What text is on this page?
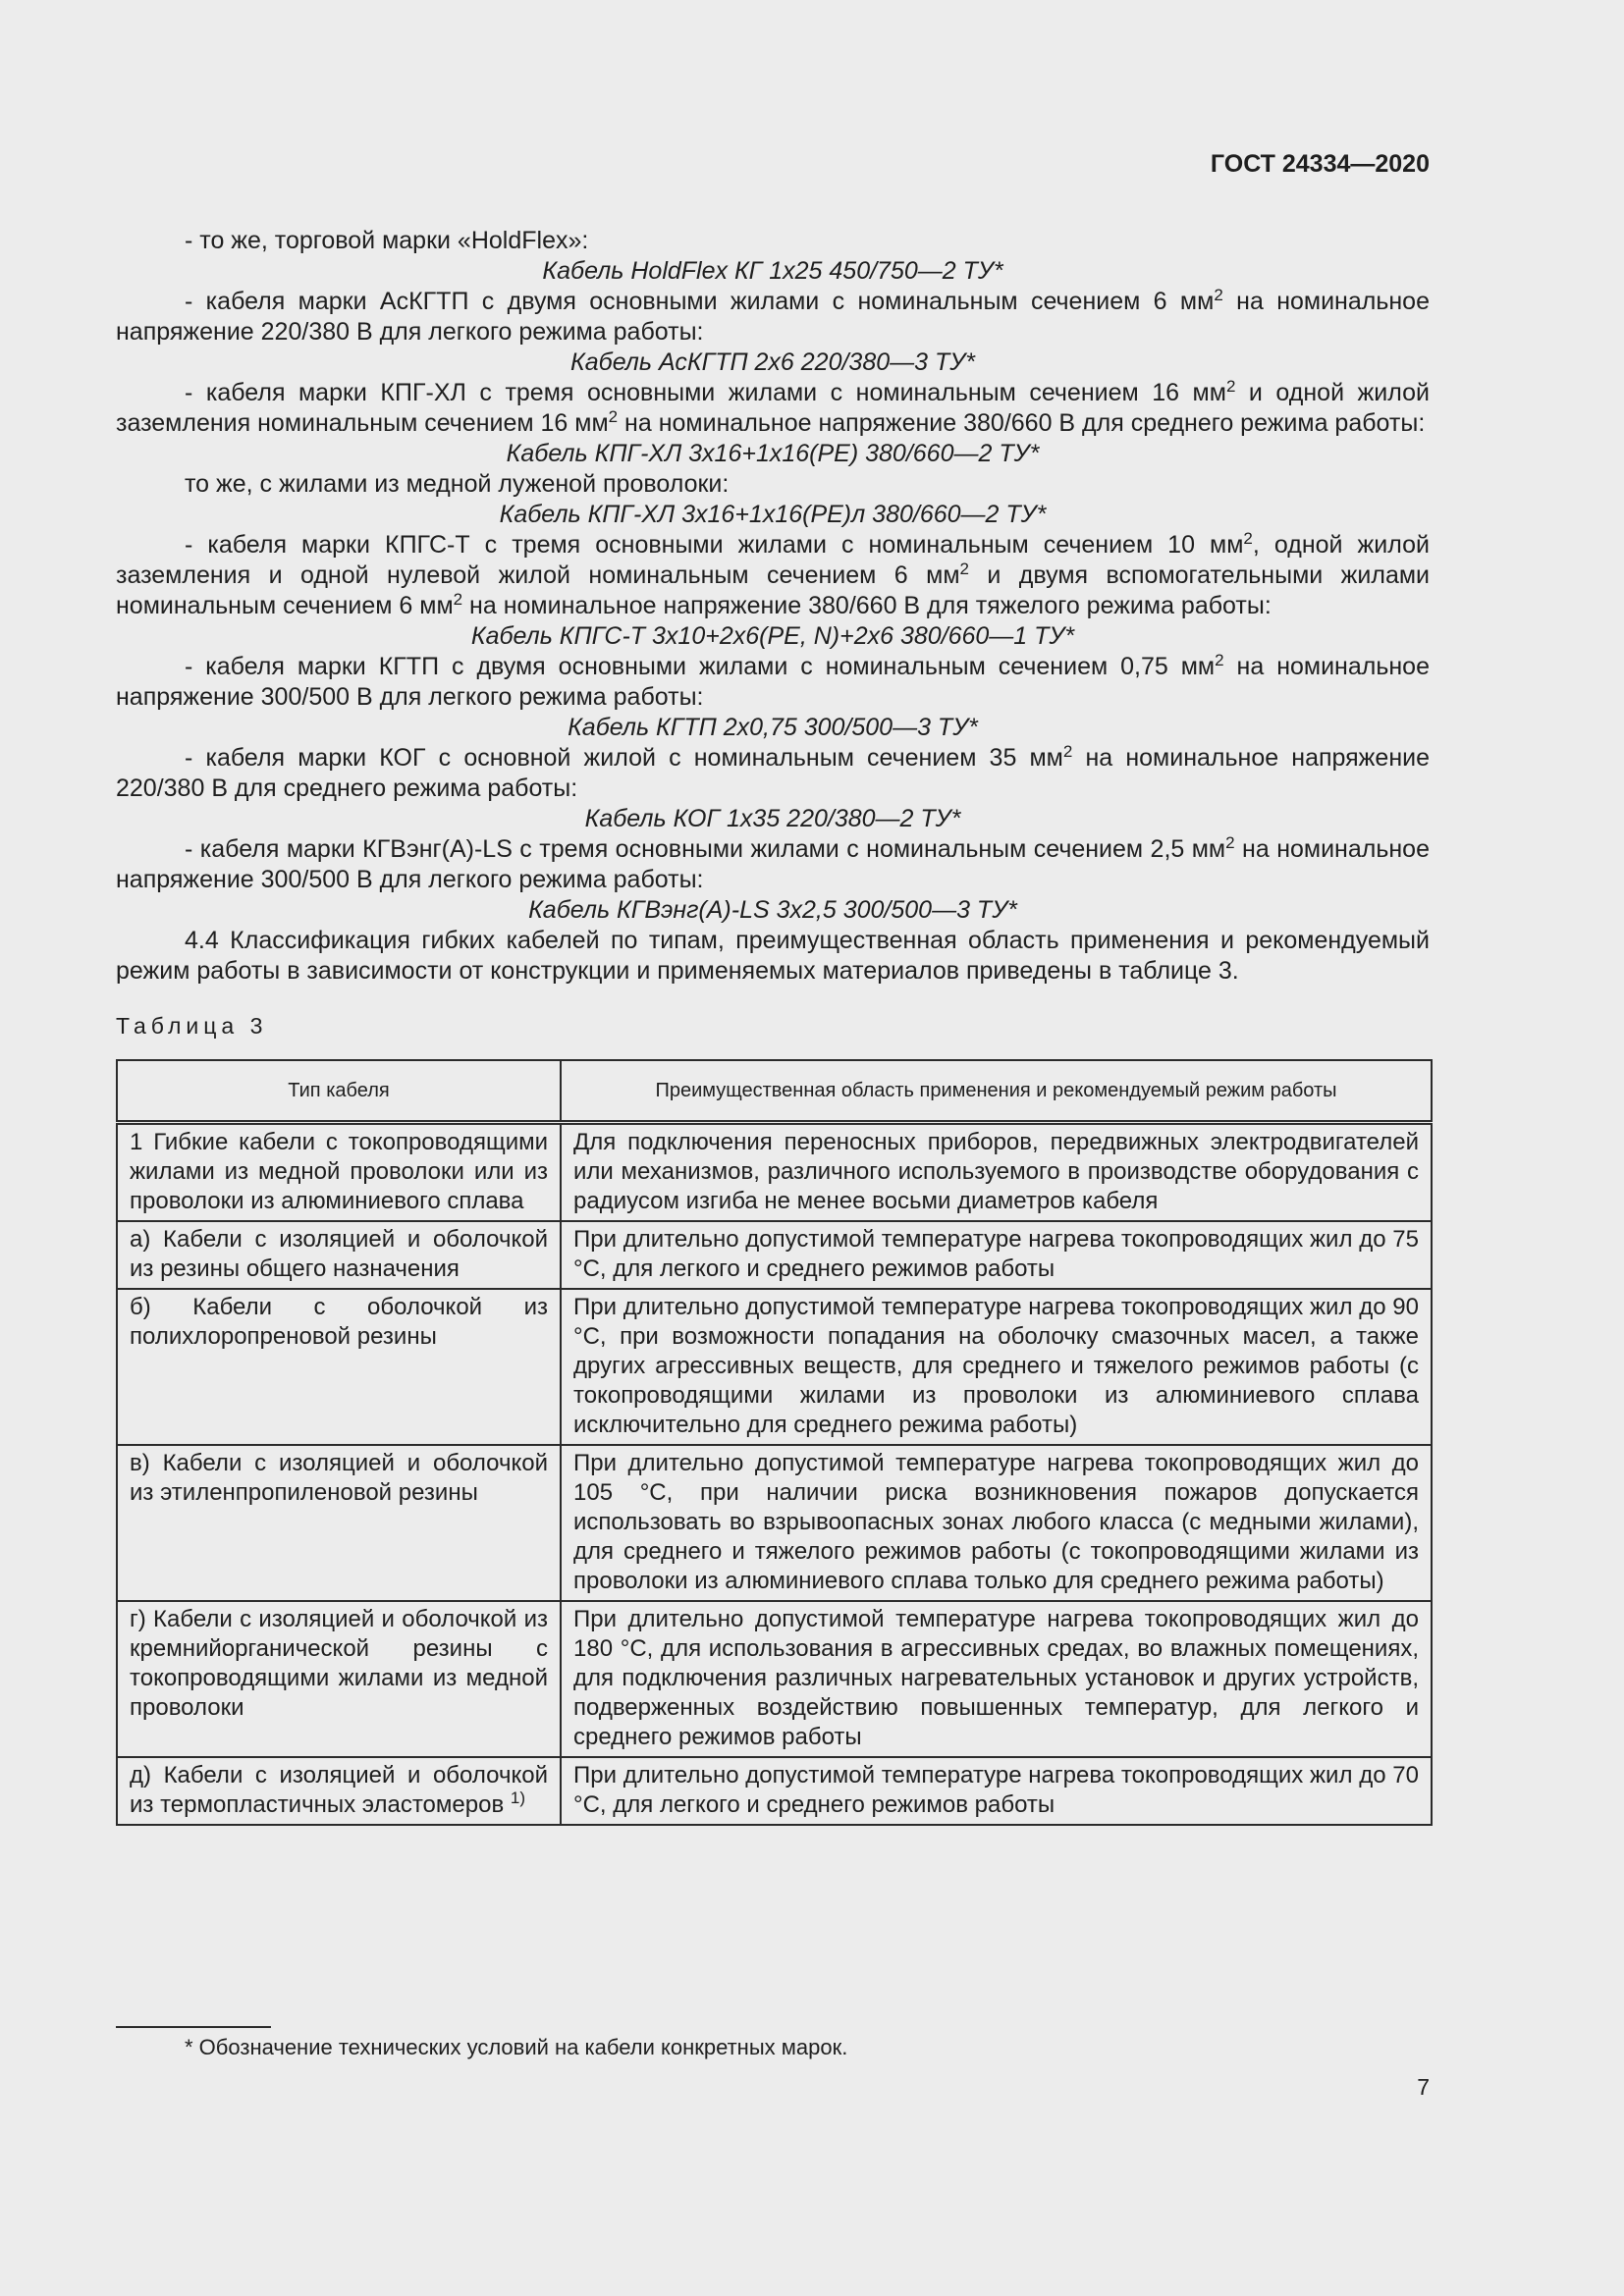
ГОСТ 24334—2020

- то же, торговой марки «HoldFlex»:

Кабель HoldFlex КГ 1x25 450/750—2 ТУ*

- кабеля марки АсКГТП с двумя основными жилами с номинальным сечением 6 $мм^2$ на номинальное напряжение 220/380 В для легкого режима работы:

Кабель АсКГТП 2x6 220/380—3 ТУ*

- кабеля марки КПГ-ХЛ с тремя основными жилами с номинальным сечением 16 $мм^2$ и одной жилой заземления номинальным сечением 16 $мм^2$ на номинальное напряжение 380/660 В для среднего режима работы:

Кабель КПГ-ХЛ 3x16+1x16(PE) 380/660—2 ТУ*

то же, с жилами из медной луженой проволоки:

Кабель КПГ-ХЛ 3x16+1x16(PE)л 380/660—2 ТУ*

- кабеля марки КПГС-Т с тремя основными жилами с номинальным сечением 10 $мм^2$, одной жилой заземления и одной нулевой жилой номинальным сечением 6 $мм^2$ и двумя вспомогательными жилами номинальным сечением 6 $мм^2$ на номинальное напряжение 380/660 В для тяжелого режима работы:

Кабель КПГС-Т 3x10+2x6(PE, N)+2x6 380/660—1 ТУ*

- кабеля марки КГТП с двумя основными жилами с номинальным сечением 0,75 $мм^2$ на номинальное напряжение 300/500 В для легкого режима работы:

Кабель КГТП 2x0,75 300/500—3 ТУ*

- кабеля марки КОГ с основной жилой с номинальным сечением 35 $мм^2$ на номинальное напряжение 220/380 В для среднего режима работы:

Кабель КОГ 1x35 220/380—2 ТУ*

- кабеля марки КГВэнг(А)-LS с тремя основными жилами с номинальным сечением 2,5 $мм^2$ на номинальное напряжение 300/500 В для легкого режима работы:

Кабель КГВэнг(А)-LS 3x2,5 300/500—3 ТУ*

4.4 Классификация гибких кабелей по типам, преимущественная область применения и рекомендуемый режим работы в зависимости от конструкции и применяемых материалов приведены в таблице 3.

Таблица 3
Тип кабеля	Преимущественная область применения и рекомендуемый режим работы
1 Гибкие кабели с токопроводящими жилами из медной проволоки или из проволоки из алюминиевого сплава	Для подключения переносных приборов, передвижных электродвигателей или механизмов, различного используемого в производстве оборудования с радиусом изгиба не менее восьми диаметров кабеля
а) Кабели с изоляцией и оболочкой из резины общего назначения	При длительно допустимой температуре нагрева токопроводящих жил до 75 °С, для легкого и среднего режимов работы
б) Кабели с оболочкой из полихлоропреновой резины	При длительно допустимой температуре нагрева токопроводящих жил до 90 °С, при возможности попадания на оболочку смазочных масел, а также других агрессивных веществ, для среднего и тяжелого режимов работы (с токопроводящими жилами из проволоки из алюминиевого сплава исключительно для среднего режима работы)
в) Кабели с изоляцией и оболочкой из этиленпропиленовой резины	При длительно допустимой температуре нагрева токопроводящих жил до 105 °С, при наличии риска возникновения пожаров допускается использовать во взрывоопасных зонах любого класса (с медными жилами), для среднего и тяжелого режимов работы (с токопроводящими жилами из проволоки из алюминиевого сплава только для среднего режима работы)
г) Кабели с изоляцией и оболочкой из кремнийорганической резины с токопроводящими жилами из медной проволоки	При длительно допустимой температуре нагрева токопроводящих жил до 180 °С, для использования в агрессивных средах, во влажных помещениях, для подключения различных нагревательных установок и других устройств, подверженных воздействию повышенных температур, для легкого и среднего режимов работы
д) Кабели с изоляцией и оболочкой из термопластичных эластомеров $^{1)}$	При длительно допустимой температуре нагрева токопроводящих жил до 70 °С, для легкого и среднего режимов работы
* Обозначение технических условий на кабели конкретных марок.
7
